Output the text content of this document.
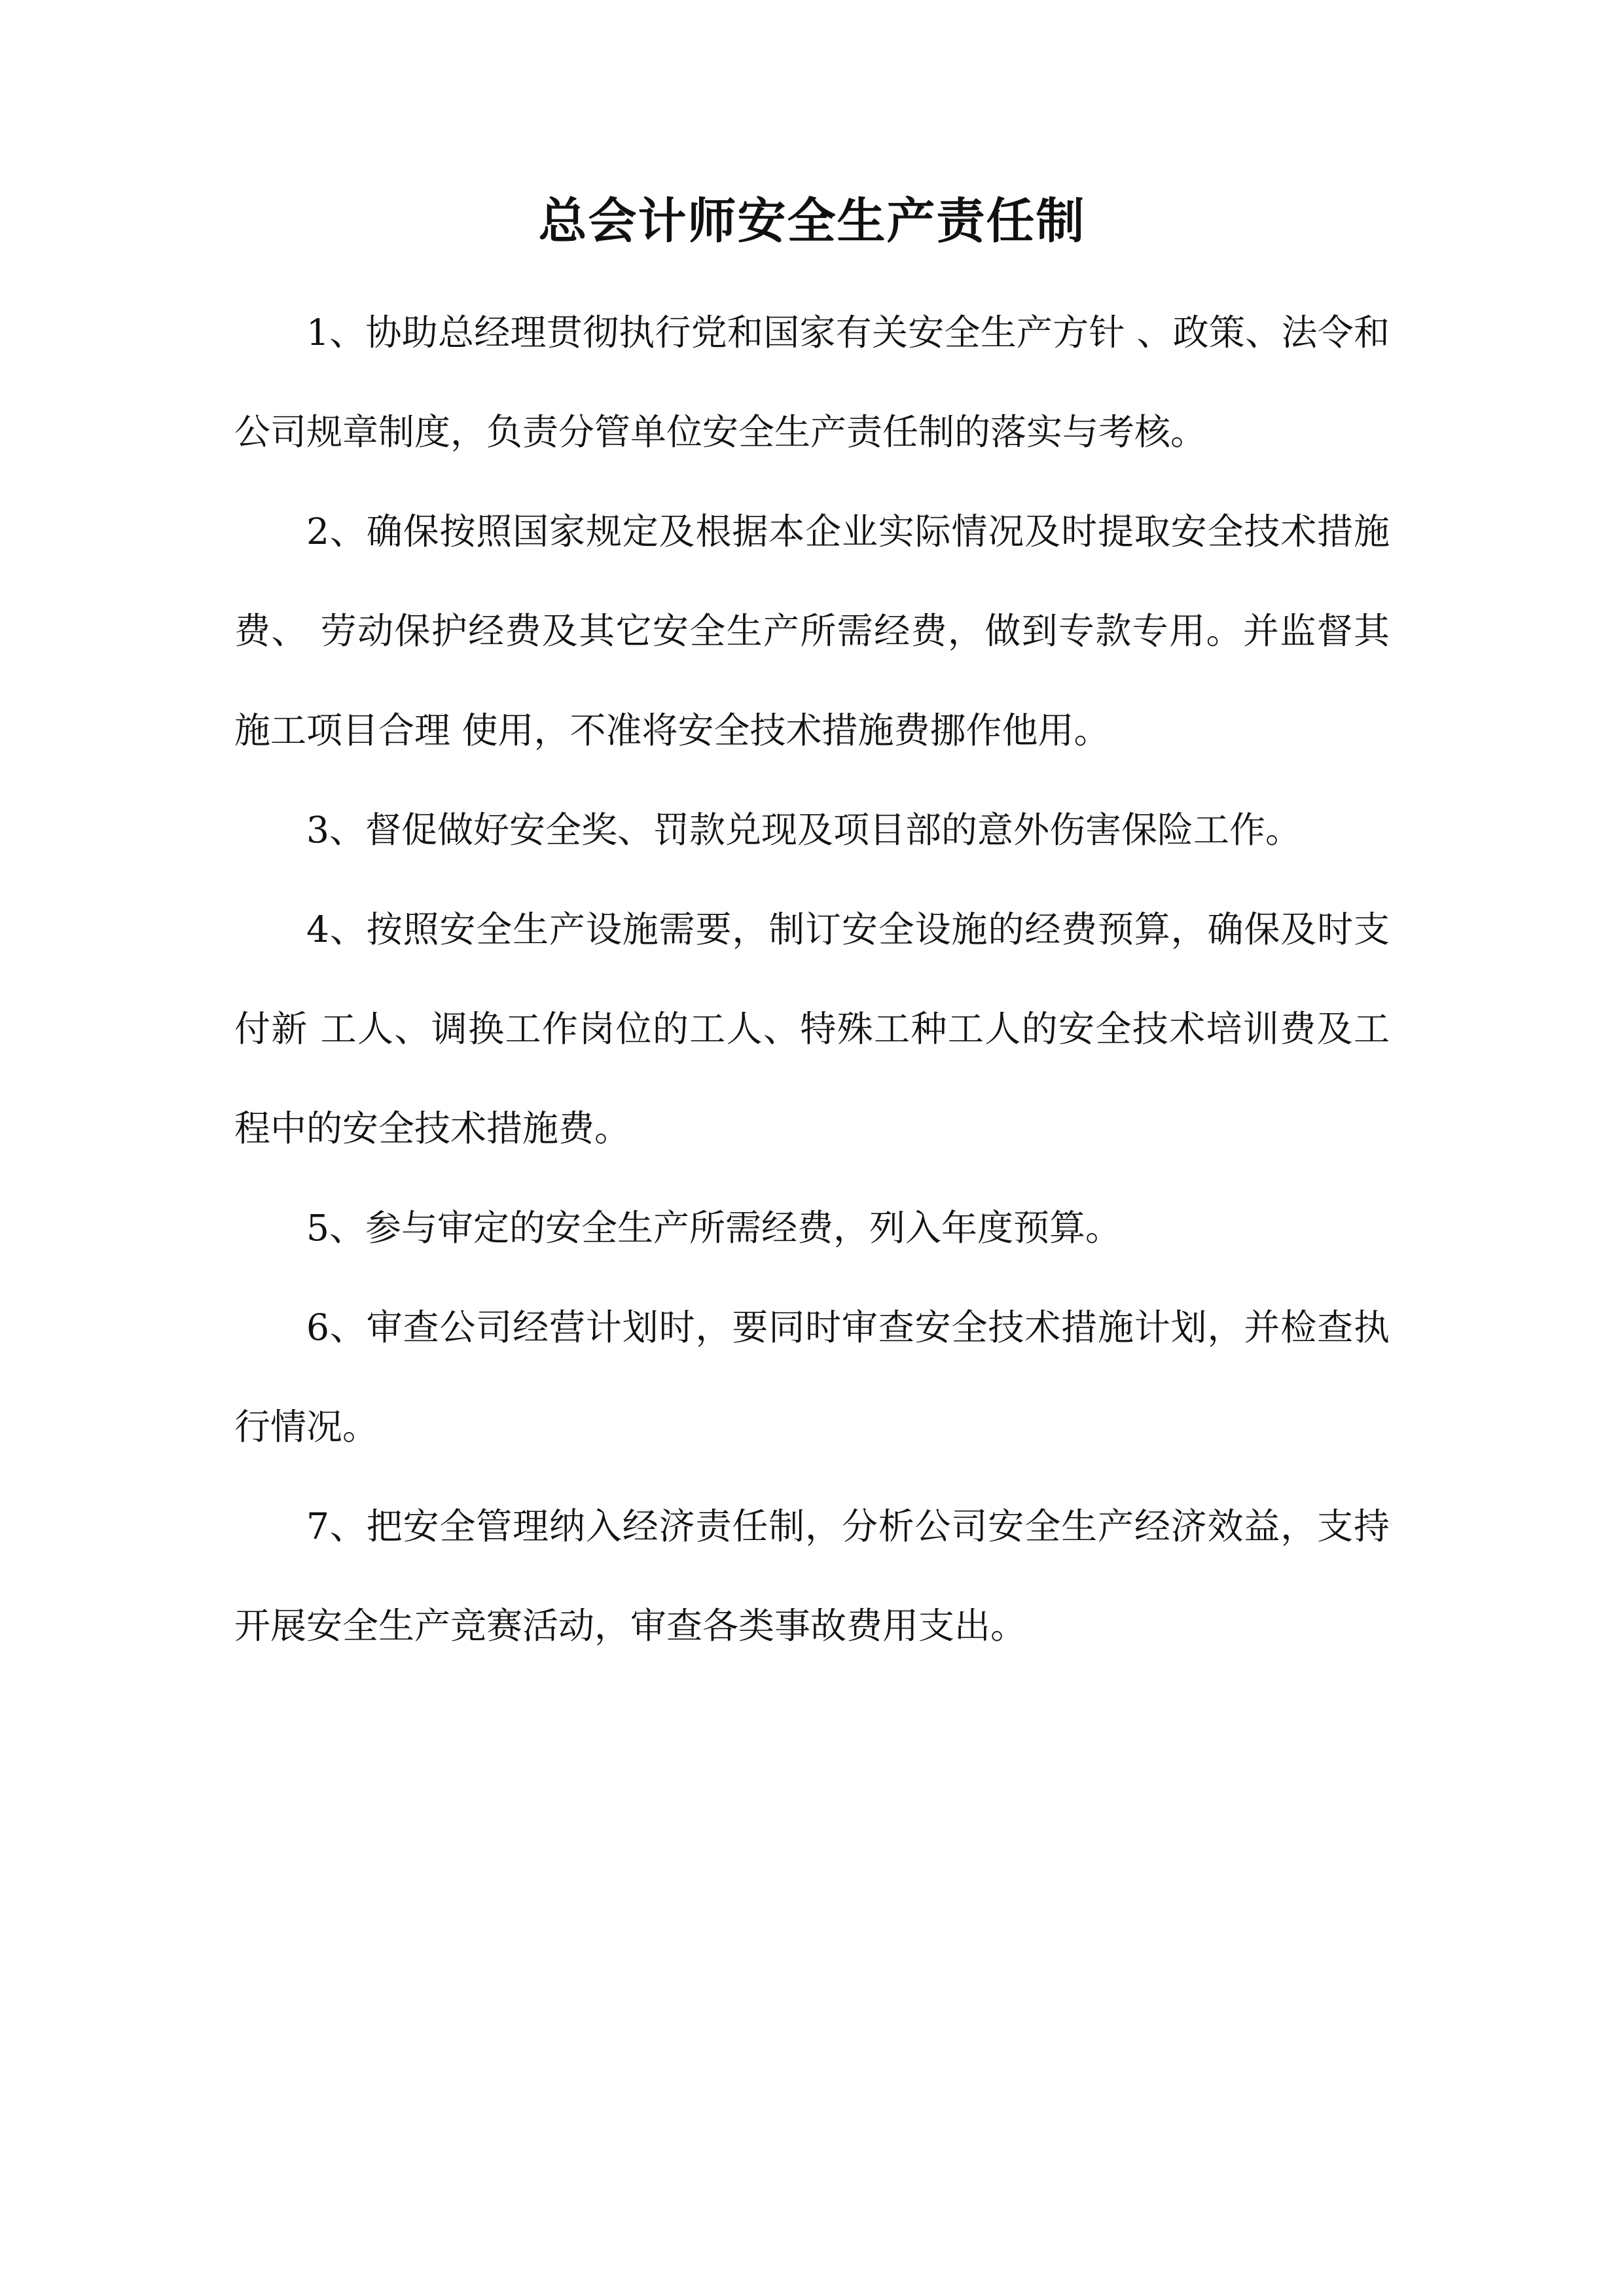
总会计师安全生产责任制
1、协助总经理贯彻执行党和国家有关安全生产方针 、政策、法令和公司规章制度，负责分管单位安全生产责任制的落实与考核。
2、确保按照国家规定及根据本企业实际情况及时提取安全技术措施费、 劳动保护经费及其它安全生产所需经费，做到专款专用。并监督其施工项目合理 使用，不准将安全技术措施费挪作他用。
3、督促做好安全奖、罚款兑现及项目部的意外伤害保险工作。
4、按照安全生产设施需要，制订安全设施的经费预算，确保及时支付新 工人、调换工作岗位的工人、特殊工种工人的安全技术培训费及工程中的安全技术措施费。
5、参与审定的安全生产所需经费，列入年度预算。
6、审查公司经营计划时，要同时审查安全技术措施计划，并检查执行情况。
7、把安全管理纳入经济责任制，分析公司安全生产经济效益，支持开展安全生产竞赛活动，审查各类事故费用支出。
